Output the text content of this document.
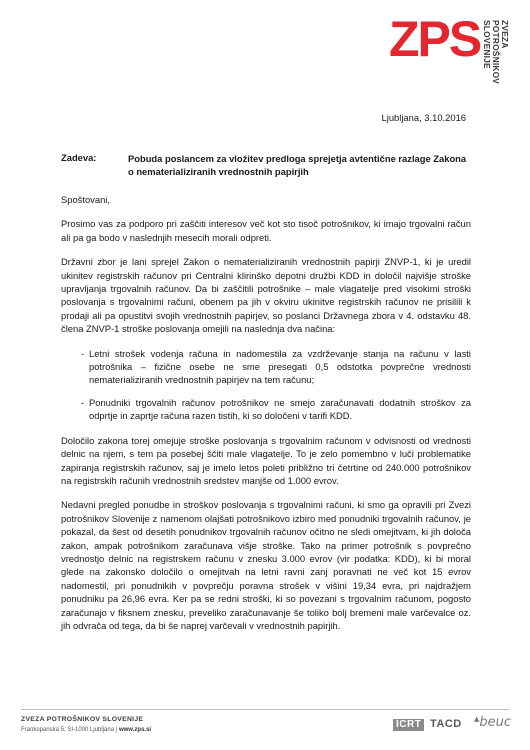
ZPS ZVEZA
POTROŠNIKOV
SLOVENIJE
Ljubljana, 3.10.2016
Zadeva:	Pobuda poslancem za vložitev predloga sprejetja avtentične razlage Zakona o nematerializiranih vrednostnih papirjih

Spoštovani,

Prosimo vas za podporo pri zaščiti interesov več kot sto tisoč potrošnikov, ki imajo trgovalni račun ali pa ga bodo v naslednjih mesecih morali odpreti.

Državni zbor je lani sprejel Zakon o nematerializiranih vrednostnih papirji ZNVP-1, ki je uredil ukinitev registrskih računov pri Centralni klirinško depotni družbi KDD in določil najvišje stroške upravljanja trgovalnih računov. Da bi zaščitili potrošnike – male vlagatelje pred visokimi stroški poslovanja s trgovalnimi računi, obenem pa jih v okviru ukinitve registrskih računov ne prisilili k prodaji ali pa opustitvi svojih vrednostnih papirjev, so poslanci Državnega zbora v 4. odstavku 48. člena ZNVP-1 stroške poslovanja omejili na naslednja dva načina:

- Letni strošek vodenja računa in nadomestila za vzdrževanje stanja na računu v lasti potrošnika – fizične osebe ne sme presegati 0,5 odstotka povprečne vrednosti nematerializiranih vrednostnih papirjev na tem računu;
- Ponudniki trgovalnih računov potrošnikov ne smejo zaračunavati dodatnih stroškov za odprtje in zaprtje računa razen tistih, ki so določeni v tarifi KDD.

Določilo zakona torej omejuje stroške poslovanja s trgovalnim računom v odvisnosti od vrednosti delnic na njem, s tem pa posebej ščiti male vlagatelje. To je zelo pomembno v luči problematike zapiranja registrskih računov, saj je imelo letos poleti približno tri četrtine od 240.000 potrošnikov na registrskih računih vrednostnih sredstev manjše od 1.000 evrov.

Nedavni pregled ponudbe in stroškov poslovanja s trgovalnimi računi, ki smo ga opravili pri Zvezi potrošnikov Slovenije z namenom olajšati potrošnikovo izbiro med ponudniki trgovalnih računov, je pokazal, da šest od desetih ponudnikov trgovalnih računov očitno ne sledi omejitvam, ki jih določa zakon, ampak potrošnikom zaračunava višje stroške. Tako na primer potrošnik s povprečno vrednostjo delnic na registrskem računu v znesku 3.000 evrov (vir podatka: KDD), ki bi moral glede na zakonsko določilo o omejitvah na letni ravni zanj poravnati ne več kot 15 evrov nadomestil, pri ponudnikih v povprečju poravna strošek v višini 19,34 evra, pri najdražjem ponudniku pa 26,96 evra. Ker pa se redni stroški, ki so povezani s trgovalnim računom, pogosto zaračunajo v fiksnem znesku, preveliko zaračunavanje še toliko bolj bremeni male varčevalce oz. jih odvrača od tega, da bi še naprej varčevali v vrednostnih papirjih.

ZVEZA POTROŠNIKOV SLOVENIJE
Frankopanska 5, SI-1000 Ljubljana | www.zps.si	ICRT TACD ▲beuc
